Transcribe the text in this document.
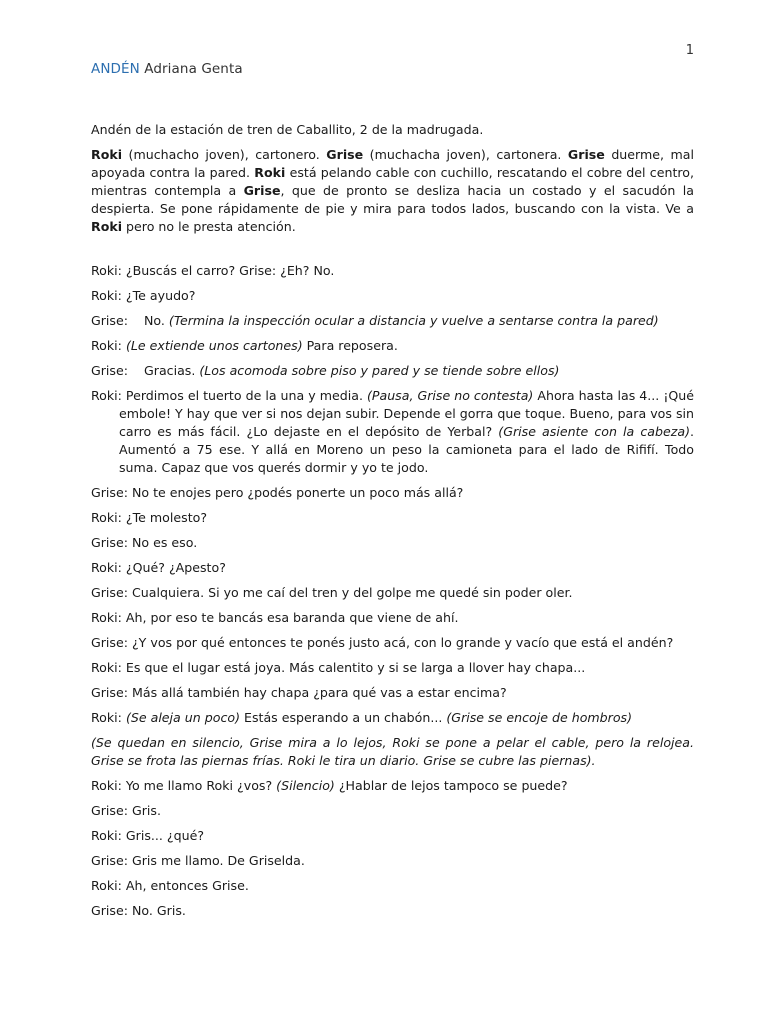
1
ANDÉN Adriana Genta

Andén de la estación de tren de Caballito, 2 de la madrugada.

Roki (muchacho joven), cartonero. Grise (muchacha joven), cartonera. Grise duerme, mal apoyada contra la pared. Roki está pelando cable con cuchillo, rescatando el cobre del centro, mientras contempla a Grise, que de pronto se desliza hacia un costado y el sacudón la despierta. Se pone rápidamente de pie y mira para todos lados, buscando con la vista. Ve a Roki pero no le presta atención.

Roki: ¿Buscás el carro? Grise: ¿Eh? No.

Roki: ¿Te ayudo?

Grise: No. (Termina la inspección ocular a distancia y vuelve a sentarse contra la pared)

Roki: (Le extiende unos cartones) Para reposera.

Grise: Gracias. (Los acomoda sobre piso y pared y se tiende sobre ellos)

Roki: Perdimos el tuerto de la una y media. (Pausa, Grise no contesta) Ahora hasta las 4... ¡Qué embole! Y hay que ver si nos dejan subir. Depende el gorra que toque. Bueno, para vos sin carro es más fácil. ¿Lo dejaste en el depósito de Yerbal? (Grise asiente con la cabeza). Aumentó a 75 ese. Y allá en Moreno un peso la camioneta para el lado de Rififí. Todo suma. Capaz que vos querés dormir y yo te jodo.

Grise: No te enojes pero ¿podés ponerte un poco más allá?

Roki: ¿Te molesto?

Grise: No es eso.

Roki: ¿Qué? ¿Apesto?

Grise: Cualquiera. Si yo me caí del tren y del golpe me quedé sin poder oler.

Roki: Ah, por eso te bancás esa baranda que viene de ahí.

Grise: ¿Y vos por qué entonces te ponés justo acá, con lo grande y vacío que está el andén?

Roki: Es que el lugar está joya. Más calentito y si se larga a llover hay chapa...

Grise: Más allá también hay chapa ¿para qué vas a estar encima?

Roki: (Se aleja un poco) Estás esperando a un chabón... (Grise se encoje de hombros)

(Se quedan en silencio, Grise mira a lo lejos, Roki se pone a pelar el cable, pero la relojea. Grise se frota las piernas frías. Roki le tira un diario. Grise se cubre las piernas).

Roki: Yo me llamo Roki ¿vos? (Silencio) ¿Hablar de lejos tampoco se puede?

Grise: Gris.

Roki: Gris... ¿qué?

Grise: Gris me llamo. De Griselda.

Roki: Ah, entonces Grise.

Grise: No. Gris.
